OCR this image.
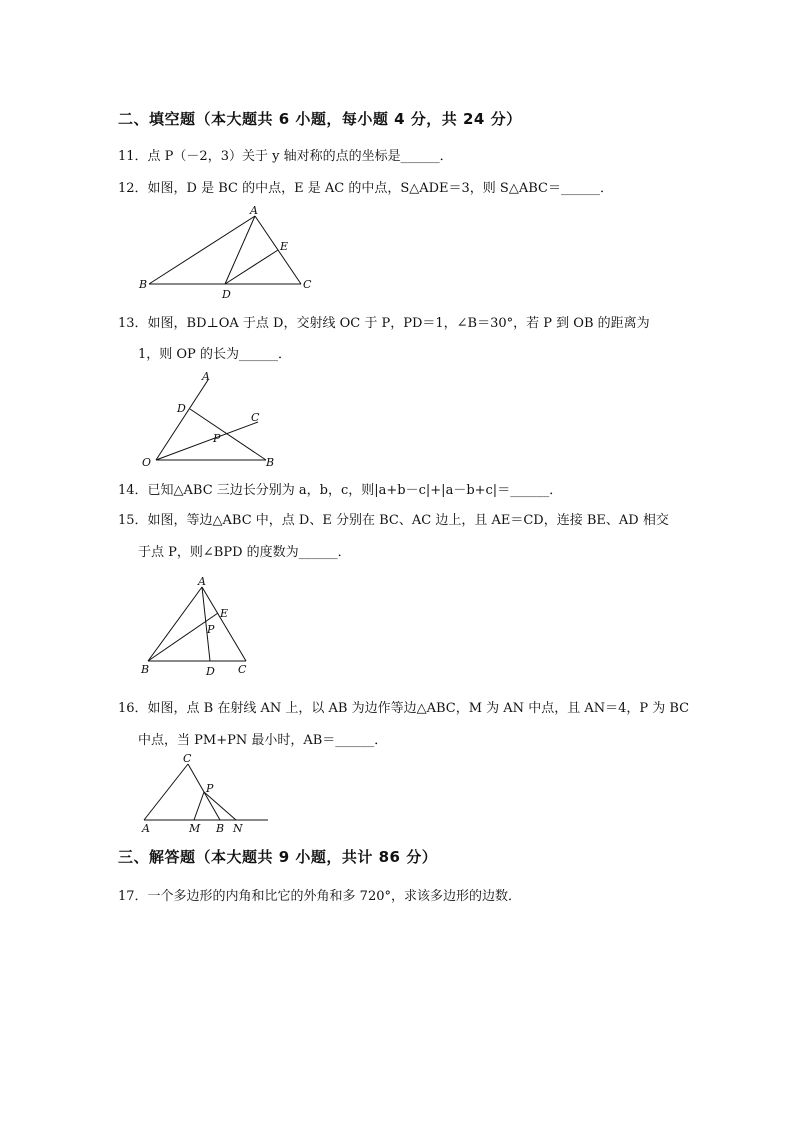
二、填空题（本大题共 6 小题，每小题 4 分，共 24 分）
11．点 P（－2，3）关于 y 轴对称的点的坐标是______．
12．如图，D 是 BC 的中点，E 是 AC 的中点，S△ADE＝3，则 S△ABC＝______．
A
B	C
D
E
13．如图，BD⊥OA 于点 D，交射线 OC 于 P，PD＝1，∠B＝30°，若 P 到 OB 的距离为
1，则 OP 的长为______．
A
B
C
D
O
P
14．已知△ABC 三边长分别为 a，b，c，则|a+b－c|+|a－b+c|＝______．
15．如图，等边△ABC 中，点 D、E 分别在 BC、AC 边上，且 AE＝CD，连接 BE、AD 相交
于点 P，则∠BPD 的度数为______．
A
B	C
D
E
P
16．如图，点 B 在射线 AN 上，以 AB 为边作等边△ABC，M 为 AN 中点，且 AN＝4，P 为 BC
中点，当 PM+PN 最小时，AB＝______．
C
P
A	M B N
三、解答题（本大题共 9 小题，共计 86 分）
17．一个多边形的内角和比它的外角和多 720°，求该多边形的边数．
